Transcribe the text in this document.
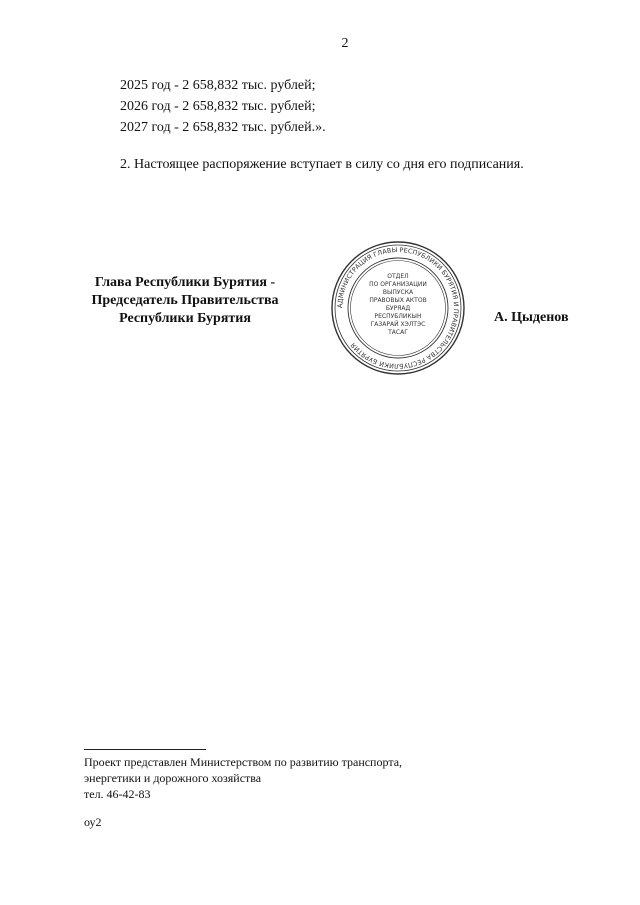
2
2025 год - 2 658,832 тыс. рублей;
2026 год - 2 658,832 тыс. рублей;
2027 год - 2 658,832 тыс. рублей.».
2. Настоящее распоряжение вступает в силу со дня его подписания.
Глава Республики Бурятия -
Председатель Правительства
Республики Бурятия
АДМИНИСТРАЦИЯ ГЛАВЫ РЕСПУБЛИКИ БУРЯТИЯ И ПРАВИТЕЛЬСТВА РЕСПУБЛИКИ БУРЯТИЯ
ОТДЕЛ
ПО ОРГАНИЗАЦИИ
ВЫПУСКА
ПРАВОВЫХ АКТОВ
БУРЯАД
РЕСПУБЛИКЫН
ГАЗАРАЙ ХЭЛТЭС
ТАСАГ
А. Цыденов
Проект представлен Министерством по развитию транспорта,
энергетики и дорожного хозяйства
тел. 46-42-83
оу2
